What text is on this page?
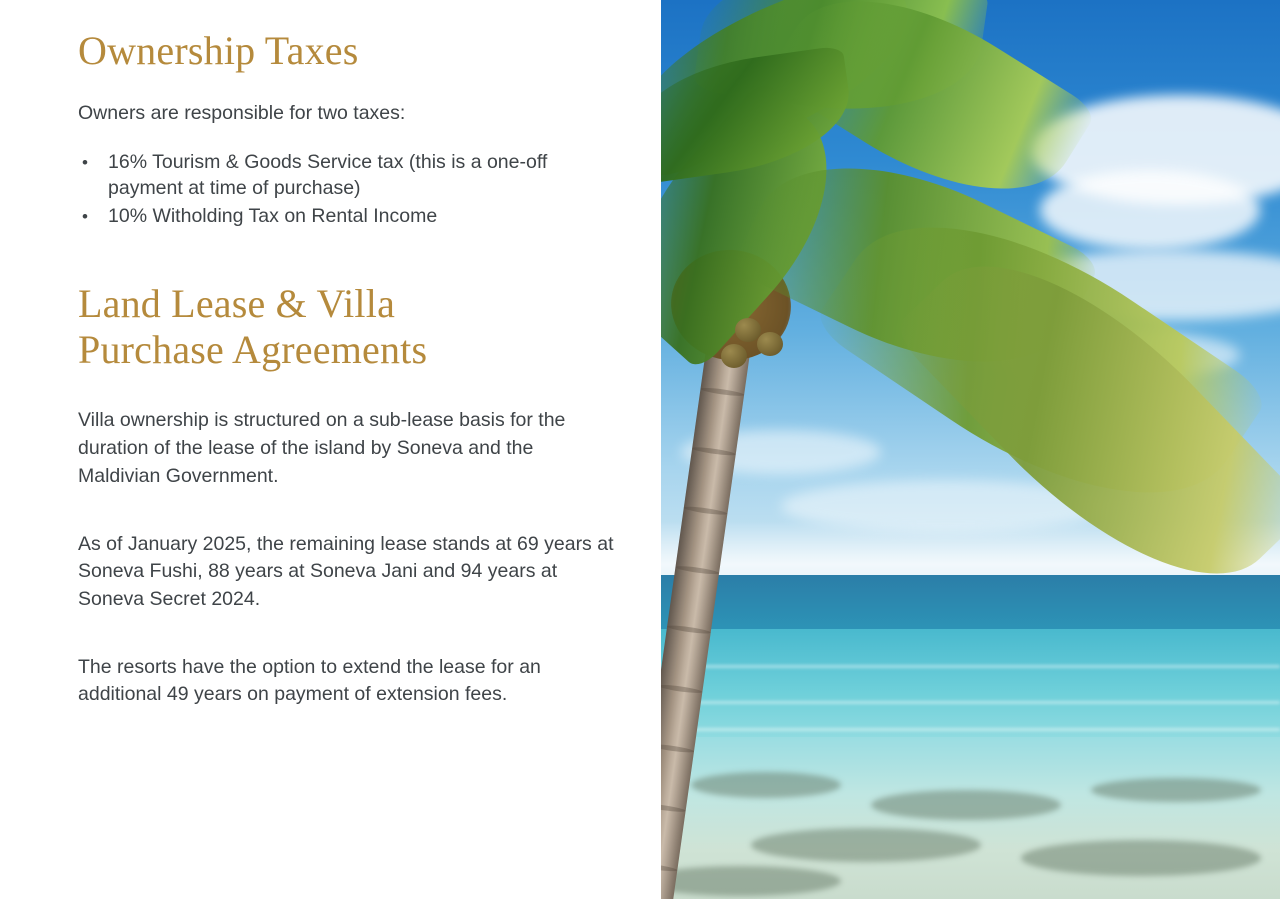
Ownership Taxes

Owners are responsible for two taxes:

• 16% Tourism & Goods Service tax (this is a one-off payment at time of purchase)
• 10% Witholding Tax on Rental Income
Land Lease & Villa
Purchase Agreements

Villa ownership is structured on a sub-lease basis for the duration of the lease of the island by Soneva and the Maldivian Government.

As of January 2025, the remaining lease stands at 69 years at Soneva Fushi, 88 years at Soneva Jani and 94 years at Soneva Secret 2024.

The resorts have the option to extend the lease for an additional 49 years on payment of extension fees.
